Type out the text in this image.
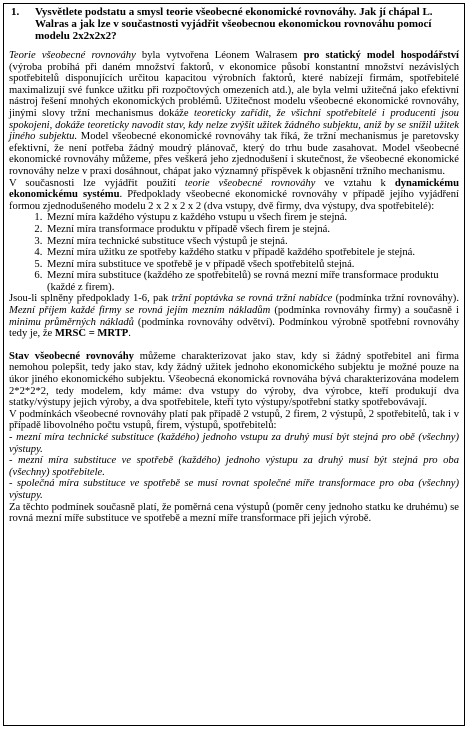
1.	Vysvětlete podstatu a smysl teorie všeobecné ekonomické rovnováhy. Jak jí chápal L. Walras a jak lze v součastnosti vyjádřit všeobecnou ekonomickou rovnováhu pomocí modelu 2x2x2x2?

Teorie všeobecné rovnováhy byla vytvořena Léonem Walrasem pro statický model hospodářství (výroba probíhá při daném množství faktorů, v ekonomice působí konstantní množství nezávislých spotřebitelů disponujících určitou kapacitou výrobních faktorů, které nabízejí firmám, spotřebitelé maximalizují své funkce užitku při rozpočtových omezeních atd.), ale byla velmi užitečná jako efektivní nástroj řešení mnohých ekonomických problémů. Užitečnost modelu všeobecné ekonomické rovnováhy, jinými slovy tržní mechanismus dokáže teoreticky zařídit, že všichni spotřebitelé i producenti jsou spokojeni, dokáže teoreticky navodit stav, kdy nelze zvýšit užitek žádného subjektu, aniž by se snížil užitek jiného subjektu. Model všeobecné ekonomické rovnováhy tak říká, že tržní mechanismus je paretovsky efektivní, že není potřeba žádný moudrý plánovač, který do trhu bude zasahovat. Model všeobecné ekonomické rovnováhy můžeme, přes veškerá jeho zjednodušení i skutečnost, že všeobecné ekonomické rovnováhy nelze v praxi dosáhnout, chápat jako významný příspěvek k objasnění tržního mechanismu.

V současnosti lze vyjádřit použití teorie všeobecné rovnováhy ve vztahu k dynamickému ekonomickému systému. Předpoklady všeobecné ekonomické rovnováhy v případě jejího vyjádření formou zjednodušeného modelu 2 x 2 x 2 x 2 (dva vstupy, dvě firmy, dva výstupy, dva spotřebitelé):

1. Mezní míra každého výstupu z každého vstupu u všech firem je stejná.
2. Mezní míra transformace produktu v případě všech firem je stejná.
3. Mezní míra technické substituce všech výstupů je stejná.
4. Mezní míra užitku ze spotřeby každého statku v případě každého spotřebitele je stejná.
5. Mezní míra substituce ve spotřebě je v případě všech spotřebitelů stejná.
6. Mezní míra substituce (každého ze spotřebitelů) se rovná mezní míře transformace produktu (každé z firem).

Jsou-li splněny předpoklady 1-6, pak tržní poptávka se rovná tržní nabídce (podmínka tržní rovnováhy). Mezní příjem každé firmy se rovná jejím mezním nákladům (podmínka rovnováhy firmy) a současně i minimu průměrných nákladů (podmínka rovnováhy odvětví). Podmínkou výrobně spotřební rovnováhy tedy je, že MRSC = MRTP.

Stav všeobecné rovnováhy můžeme charakterizovat jako stav, kdy si žádný spotřebitel ani firma nemohou polepšit, tedy jako stav, kdy žádný užitek jednoho ekonomického subjektu je možné pouze na úkor jiného ekonomického subjektu. Všeobecná ekonomická rovnováha bývá charakterizována modelem 2*2*2*2, tedy modelem, kdy máme: dva vstupy do výroby, dva výrobce, kteří produkují dva statky/výstupy jejich výroby, a dva spotřebitele, kteří tyto výstupy/spotřební statky spotřebovávají.

V podmínkách všeobecné rovnováhy platí pak případě 2 vstupů, 2 firem, 2 výstupů, 2 spotřebitelů, tak i v případě libovolného počtu vstupů, firem, výstupů, spotřebitelů:

- mezní míra technické substituce (každého) jednoho vstupu za druhý musí být stejná pro obě (všechny) výstupy.

- mezní míra substituce ve spotřebě (každého) jednoho výstupu za druhý musí být stejná pro oba (všechny) spotřebitele.

- společná míra substituce ve spotřebě se musí rovnat společné míře transformace pro oba (všechny) výstupy.

Za těchto podmínek současně platí, že poměrná cena výstupů (poměr ceny jednoho statku ke druhému) se rovná mezní míře substituce ve spotřebě a mezní míře transformace při jejich výrobě.
